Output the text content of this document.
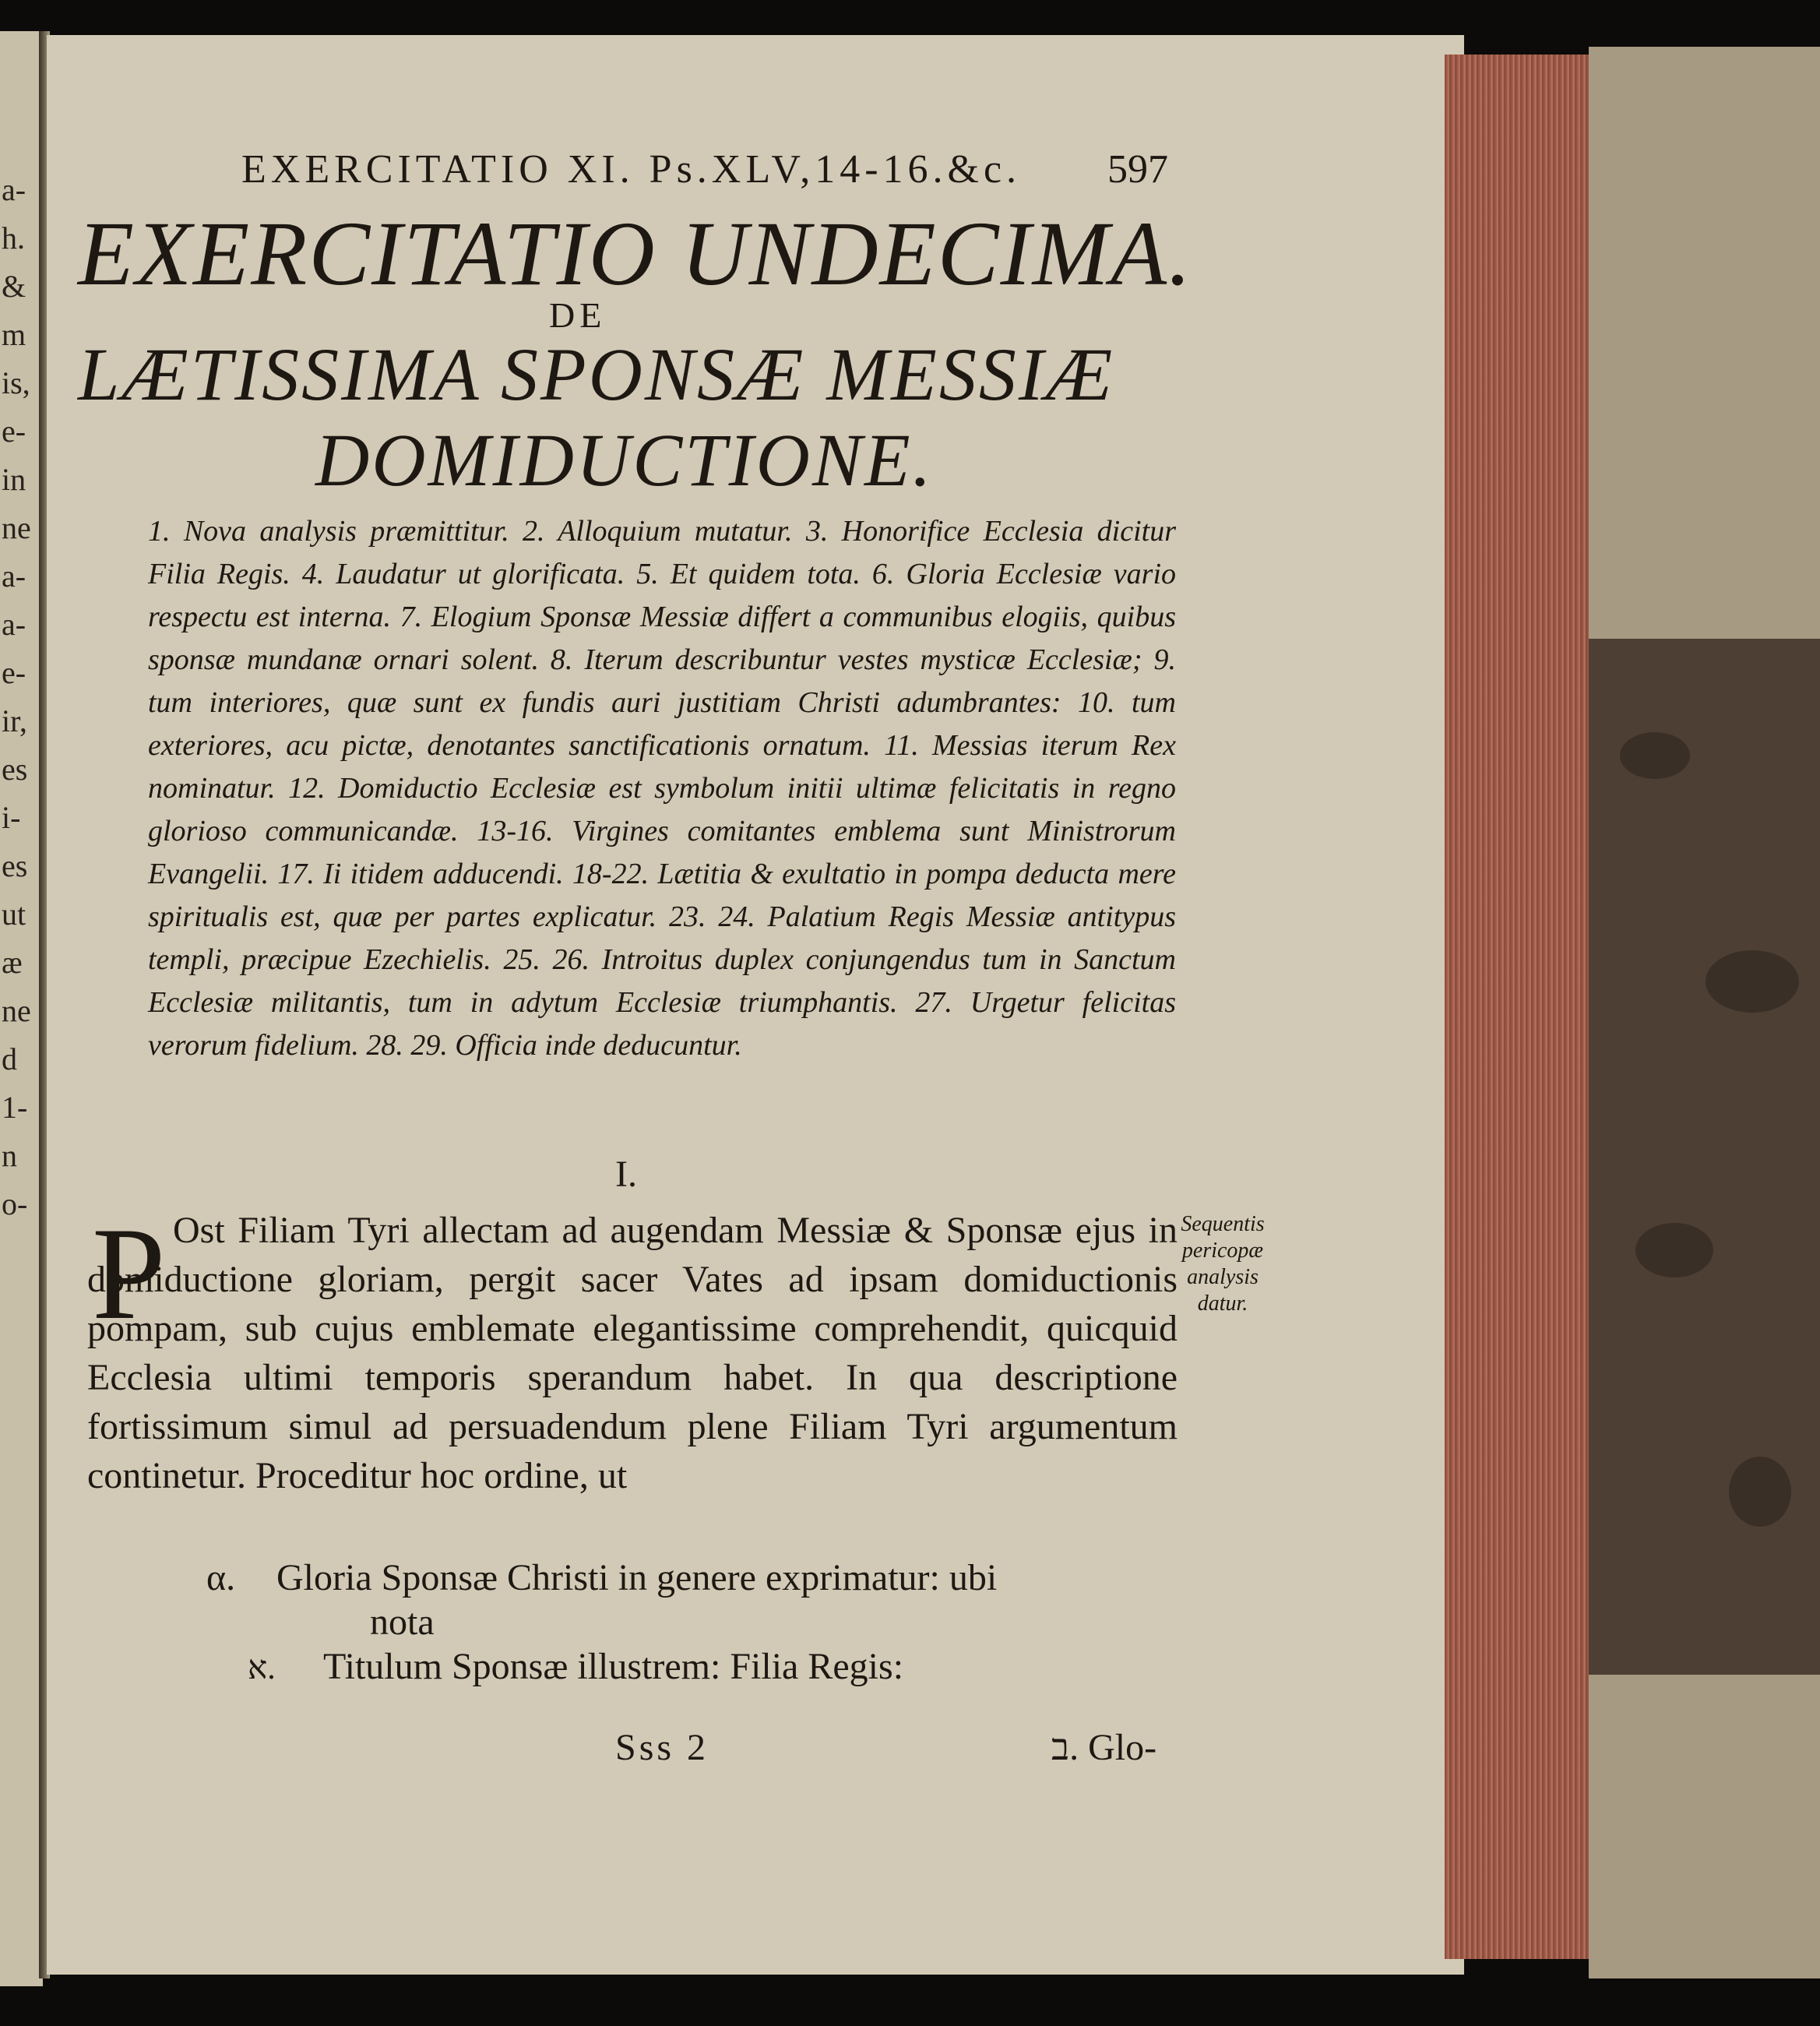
a-
h.
&
m
is,
e-
in
ne
a-
a-
e-
ir,
es
i-
es
ut
æ
ne
d
1-
n
o-
EXERCITATIO XI. Ps.XLV,14-16.&c. 597
EXERCITATIO UNDECIMA.
DE
LÆTISSIMA SPONSÆ MESSIÆ
DOMIDUCTIONE.
1. Nova analysis præmittitur. 2. Alloquium mutatur. 3. Honorifice Ecclesia dicitur Filia Regis. 4. Laudatur ut glorificata. 5. Et quidem tota. 6. Gloria Ecclesiæ vario respectu est interna. 7. Elogium Sponsæ Messiæ differt a communibus elogiis, quibus sponsæ mundanæ ornari solent. 8. Iterum describuntur vestes mysticæ Ecclesiæ; 9. tum interiores, quæ sunt ex fundis auri justitiam Christi adumbrantes: 10. tum exteriores, acu pictæ, denotantes sanctificationis ornatum. 11. Messias iterum Rex nominatur. 12. Domiductio Ecclesiæ est symbolum initii ultimæ felicitatis in regno glorioso communicandæ. 13-16. Virgines comitantes emblema sunt Ministrorum Evangelii. 17. Ii itidem adducendi. 18-22. Lætitia & exultatio in pompa deducta mere spiritualis est, quæ per partes explicatur. 23. 24. Palatium Regis Messiæ antitypus templi, præcipue Ezechielis. 25. 26. Introitus duplex conjungendus tum in Sanctum Ecclesiæ militantis, tum in adytum Ecclesiæ triumphantis. 27. Urgetur felicitas verorum fidelium. 28. 29. Officia inde deducuntur.
I.
P Ost Filiam Tyri allectam ad augendam Messiæ & Sponsæ ejus in domiductione gloriam, pergit sacer Vates ad ipsam domiductionis pompam, sub cujus emblemate elegantissime comprehendit, quicquid Ecclesia ultimi temporis sperandum habet. In qua descriptione fortissimum simul ad persuadendum plene Filiam Tyri argumentum continetur. Proceditur hoc ordine, ut
Sequentis pericopæ analysis datur.
α. Gloria Sponsæ Christi in genere exprimatur: ubi
nota
א. Titulum Sponsæ illustrem: Filia Regis:
Sss 2	ב. Glo-
